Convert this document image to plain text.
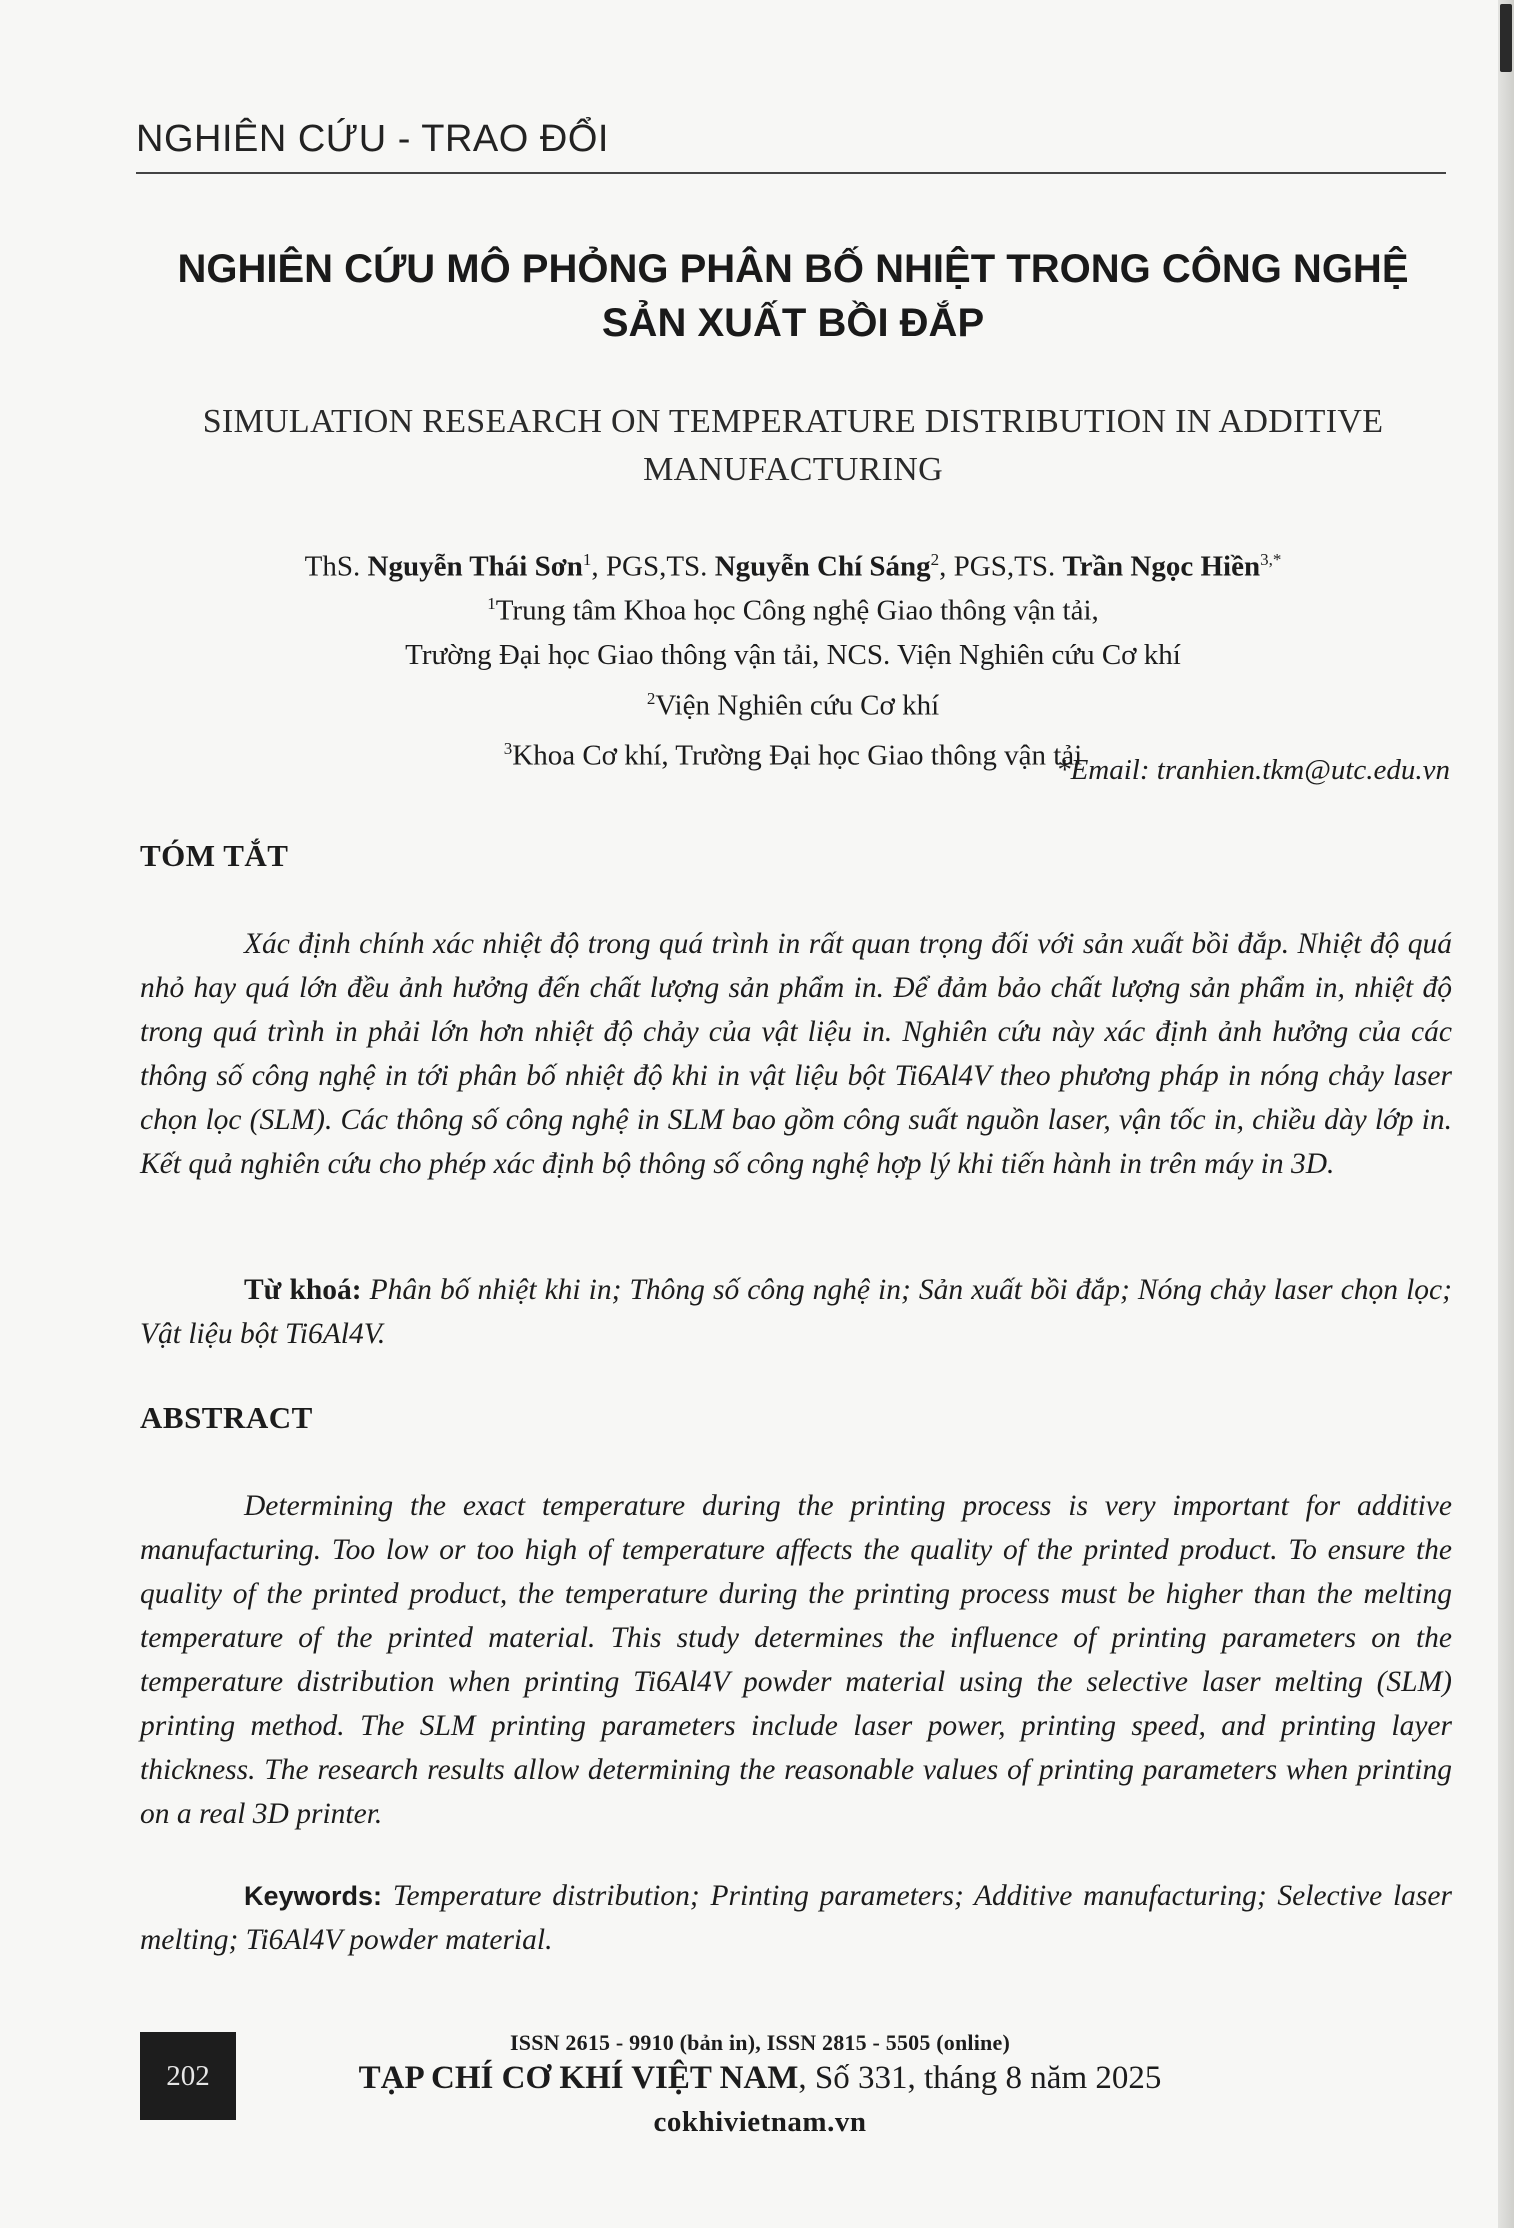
NGHIÊN CỨU - TRAO ĐỔI
NGHIÊN CỨU MÔ PHỎNG PHÂN BỐ NHIỆT TRONG CÔNG NGHỆ
SẢN XUẤT BỒI ĐẮP
SIMULATION RESEARCH ON TEMPERATURE DISTRIBUTION IN ADDITIVE
MANUFACTURING
ThS. Nguyễn Thái Sơn$^1$, PGS,TS. Nguyễn Chí Sáng$^2$, PGS,TS. Trần Ngọc Hiền$^{3,*}$
$^1$Trung tâm Khoa học Công nghệ Giao thông vận tải,
Trường Đại học Giao thông vận tải, NCS. Viện Nghiên cứu Cơ khí
$^2$Viện Nghiên cứu Cơ khí
$^3$Khoa Cơ khí, Trường Đại học Giao thông vận tải
*Email: tranhien.tkm@utc.edu.vn
TÓM TẮT
Xác định chính xác nhiệt độ trong quá trình in rất quan trọng đối với sản xuất bồi đắp. Nhiệt độ quá nhỏ hay quá lớn đều ảnh hưởng đến chất lượng sản phẩm in. Để đảm bảo chất lượng sản phẩm in, nhiệt độ trong quá trình in phải lớn hơn nhiệt độ chảy của vật liệu in. Nghiên cứu này xác định ảnh hưởng của các thông số công nghệ in tới phân bố nhiệt độ khi in vật liệu bột Ti6Al4V theo phương pháp in nóng chảy laser chọn lọc (SLM). Các thông số công nghệ in SLM bao gồm công suất nguồn laser, vận tốc in, chiều dày lớp in. Kết quả nghiên cứu cho phép xác định bộ thông số công nghệ hợp lý khi tiến hành in trên máy in 3D.
Từ khoá: Phân bố nhiệt khi in; Thông số công nghệ in; Sản xuất bồi đắp; Nóng chảy laser chọn lọc; Vật liệu bột Ti6Al4V.
ABSTRACT
Determining the exact temperature during the printing process is very important for additive manufacturing. Too low or too high of temperature affects the quality of the printed product. To ensure the quality of the printed product, the temperature during the printing process must be higher than the melting temperature of the printed material. This study determines the influence of printing parameters on the temperature distribution when printing Ti6Al4V powder material using the selective laser melting (SLM) printing method. The SLM printing parameters include laser power, printing speed, and printing layer thickness. The research results allow determining the reasonable values of printing parameters when printing on a real 3D printer.
Keywords: Temperature distribution; Printing parameters; Additive manufacturing; Selective laser melting; Ti6Al4V powder material.
202
ISSN 2615 - 9910 (bản in), ISSN 2815 - 5505 (online)
TẠP CHÍ CƠ KHÍ VIỆT NAM, Số 331, tháng 8 năm 2025
cokhivietnam.vn
